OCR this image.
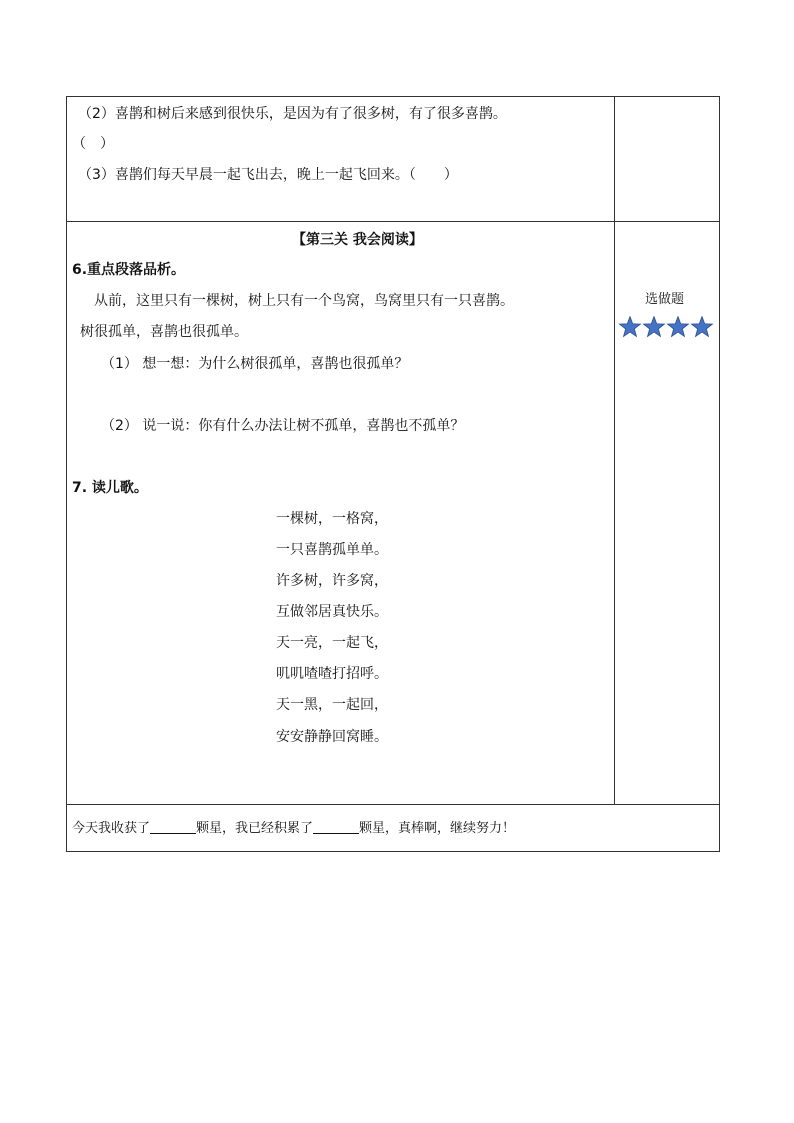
（2）喜鹊和树后来感到很快乐，是因为有了很多树，有了很多喜鹊。
（　）
（3）喜鹊们每天早晨一起飞出去，晚上一起飞回来。（　　）
【第三关 我会阅读】
6.重点段落品析。
从前，这里只有一棵树，树上只有一个鸟窝，鸟窝里只有一只喜鹊。
树很孤单，喜鹊也很孤单。
（1） 想一想：为什么树很孤单，喜鹊也很孤单？
（2） 说一说：你有什么办法让树不孤单，喜鹊也不孤单？
7. 读儿歌。
一棵树，一格窝，
一只喜鹊孤单单。
许多树，许多窝，
互做邻居真快乐。
天一亮，一起飞，
叽叽喳喳打招呼。
天一黑，一起回，
安安静静回窝睡。
选做题
今天我收获了	颗星，我已经积累了	颗星，真棒啊，继续努力！
